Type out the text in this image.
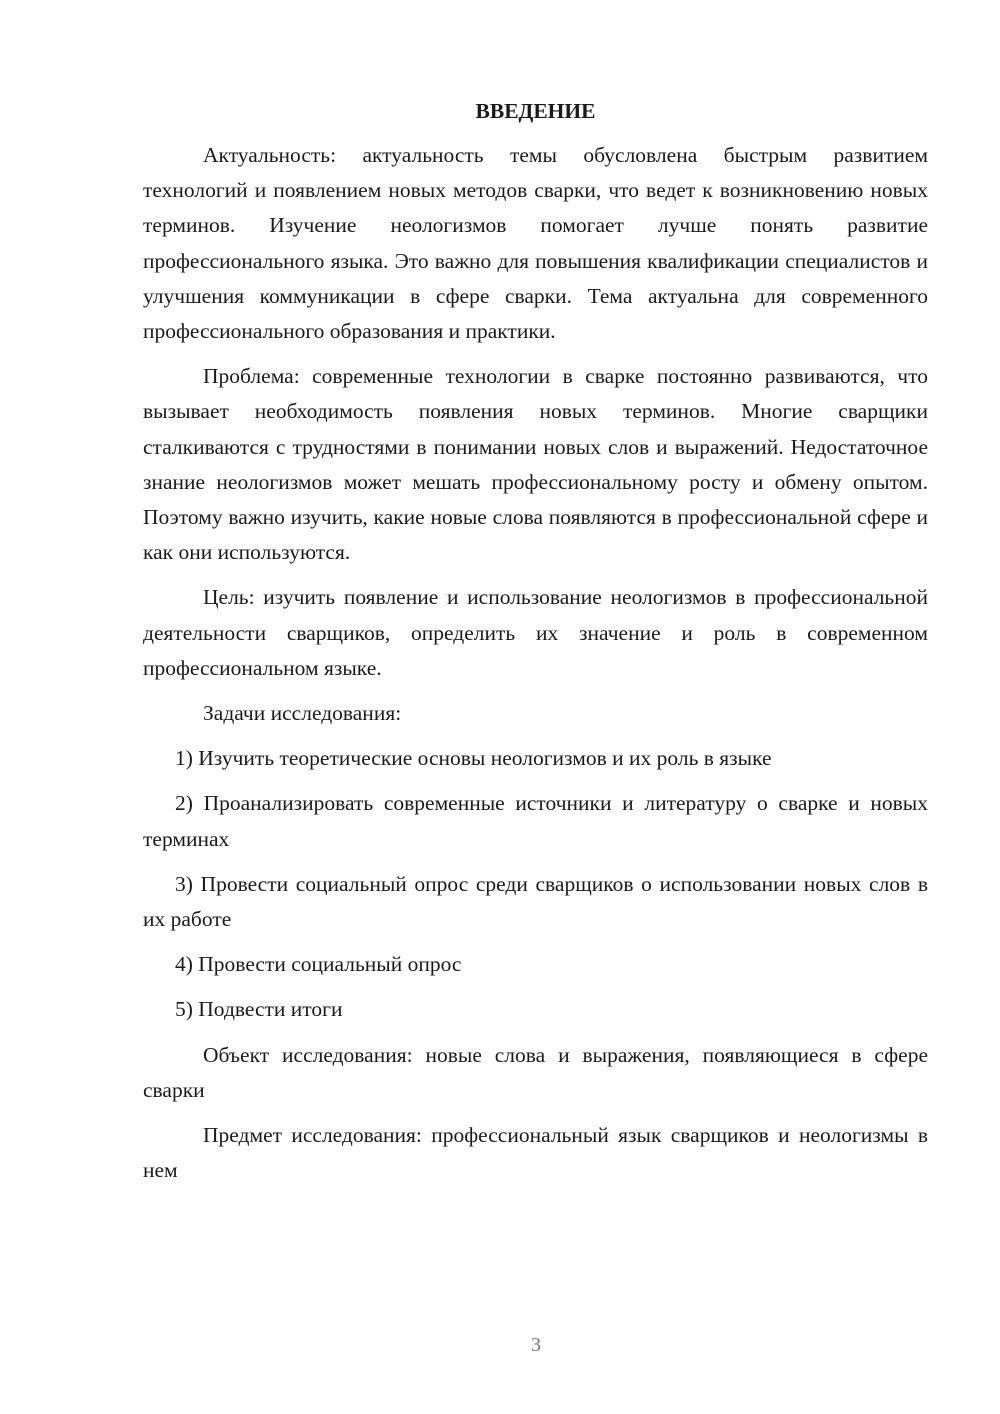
ВВЕДЕНИЕ

Актуальность: актуальность темы обусловлена быстрым развитием технологий и появлением новых методов сварки, что ведет к возникновению новых терминов. Изучение неологизмов помогает лучше понять развитие профессионального языка. Это важно для повышения квалификации специалистов и улучшения коммуникации в сфере сварки. Тема актуальна для современного профессионального образования и практики.

Проблема: современные технологии в сварке постоянно развиваются, что вызывает необходимость появления новых терминов. Многие сварщики сталкиваются с трудностями в понимании новых слов и выражений. Недостаточное знание неологизмов может мешать профессиональному росту и обмену опытом. Поэтому важно изучить, какие новые слова появляются в профессиональной сфере и как они используются.

Цель: изучить появление и использование неологизмов в профессиональной деятельности сварщиков, определить их значение и роль в современном профессиональном языке.

Задачи исследования:

1) Изучить теоретические основы неологизмов и их роль в языке

2) Проанализировать современные источники и литературу о сварке и новых терминах

3) Провести социальный опрос среди сварщиков о использовании новых слов в их работе

4) Провести социальный опрос

5) Подвести итоги

Объект исследования: новые слова и выражения, появляющиеся в сфере сварки

Предмет исследования: профессиональный язык сварщиков и неологизмы в нем

3
